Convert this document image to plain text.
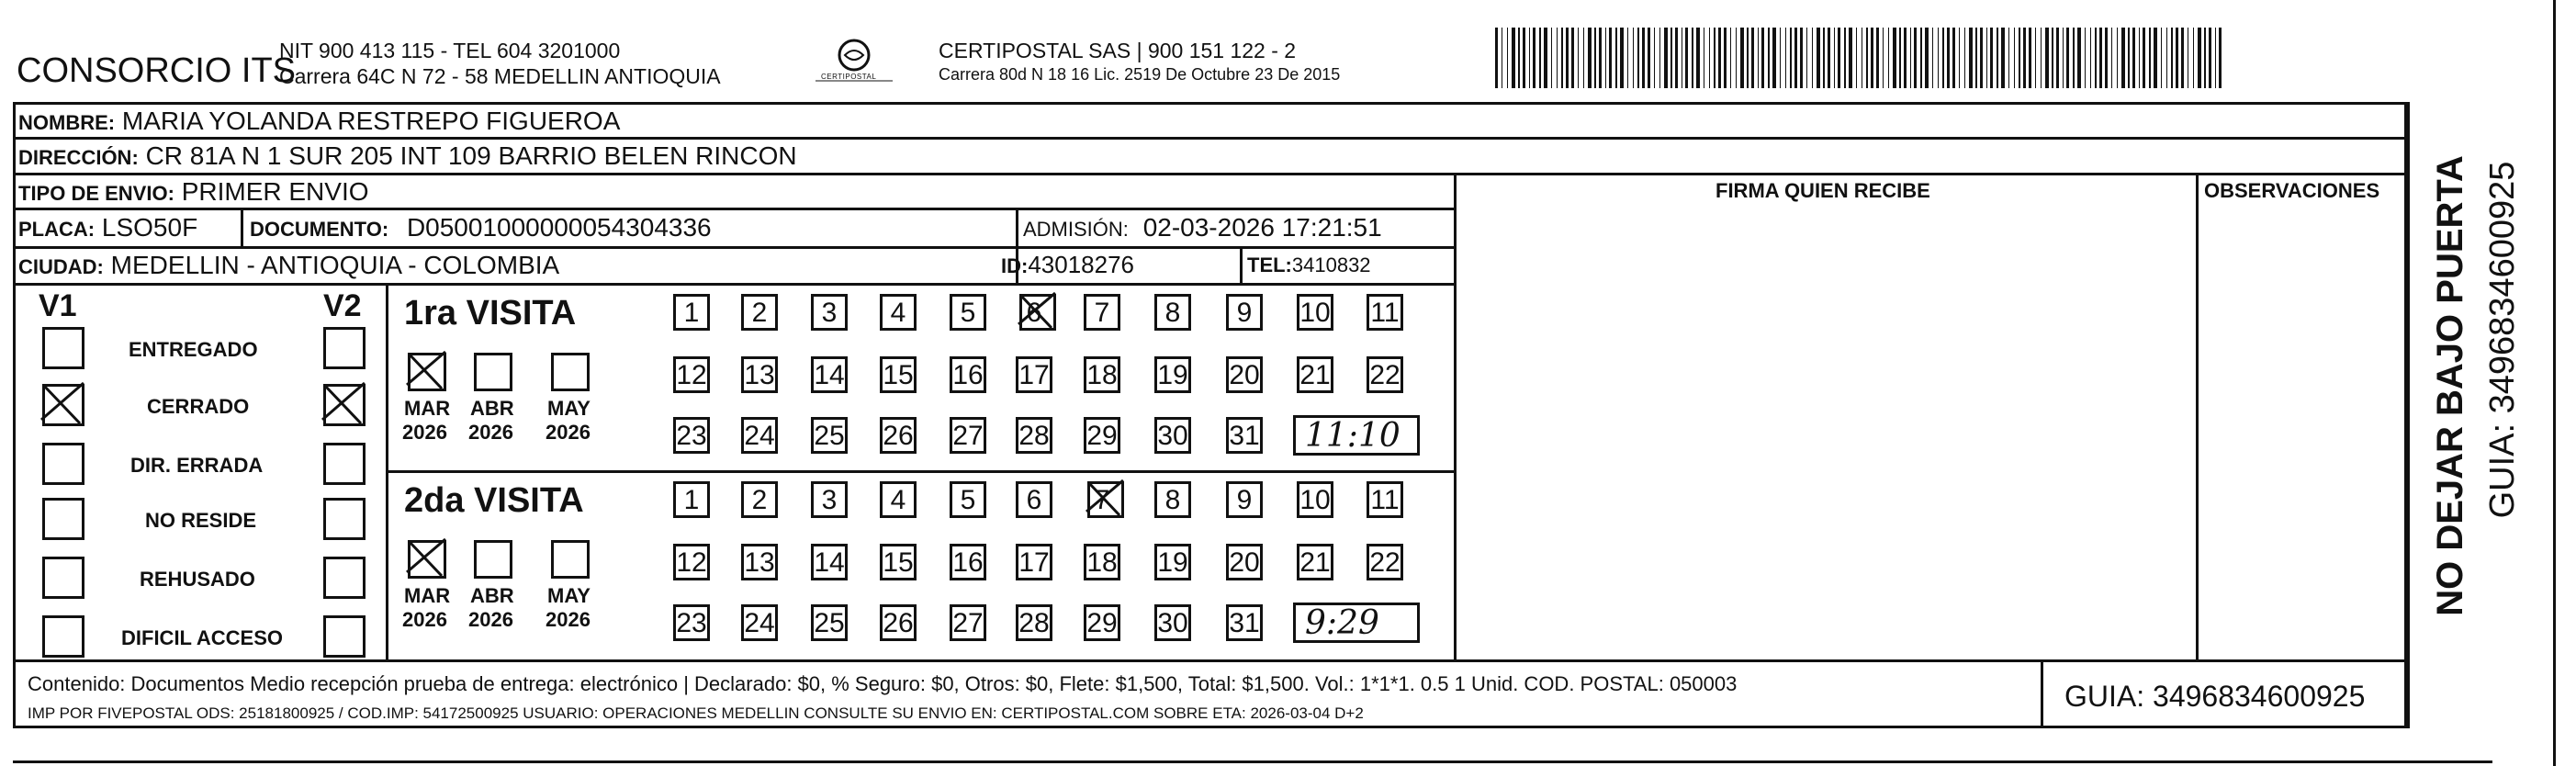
CONSORCIO ITS
NIT 900 413 115 - TEL 604 3201000
Carrera 64C N 72 - 58 MEDELLIN ANTIOQUIA	CERTIPOSTAL
CERTIPOSTAL SAS | 900 151 122 - 2
Carrera 80d N 18 16 Lic. 2519 De Octubre 23 De 2015
NOMBRE: MARIA YOLANDA RESTREPO FIGUEROA
DIRECCIÓN: CR 81A N 1 SUR 205 INT 109 BARRIO BELEN RINCON
TIPO DE ENVIO: PRIMER ENVIO	FIRMA QUIEN RECIBE	OBSERVACIONES
PLACA: LSO50F	DOCUMENTO: D05001000000054304336	ADMISIÓN: 02-03-2026 17:21:51
CIUDAD: MEDELLIN - ANTIOQUIA - COLOMBIA	ID:43018276	TEL:3410832
V1	V2
ENTREGADO
CERRADO
DIR. ERRADA
NO RESIDE
REHUSADO
DIFICIL ACCESO
1ra VISITA
MAR
2026
ABR
2026
MAY
2026
1	2	3	4	5	6	7	8	9	10 11
12 13 14 15 16 17 18 19 20 21 22
23 24 25 26 27 28 29 30 31 11:10
2da VISITA
MAR
2026
ABR
2026
MAY
2026
1	2	3	4	5	6	7	8	9	10 11
12 13 14 15 16 17 18 19 20 21 22
23 24 25 26 27 28 29 30 31 9:29
Contenido: Documentos Medio recepción prueba de entrega: electrónico | Declarado: $0, % Seguro: $0, Otros: $0, Flete: $1,500, Total: $1,500. Vol.: 1*1*1. 0.5 1 Unid. COD. POSTAL: 050003
IMP POR FIVEPOSTAL ODS: 25181800925 / COD.IMP: 54172500925 USUARIO: OPERACIONES MEDELLIN CONSULTE SU ENVIO EN: CERTIPOSTAL.COM SOBRE ETA: 2026-03-04 D+2
GUIA: 3496834600925
NO DEJAR BAJO PUERTA GUIA: 3496834600925
